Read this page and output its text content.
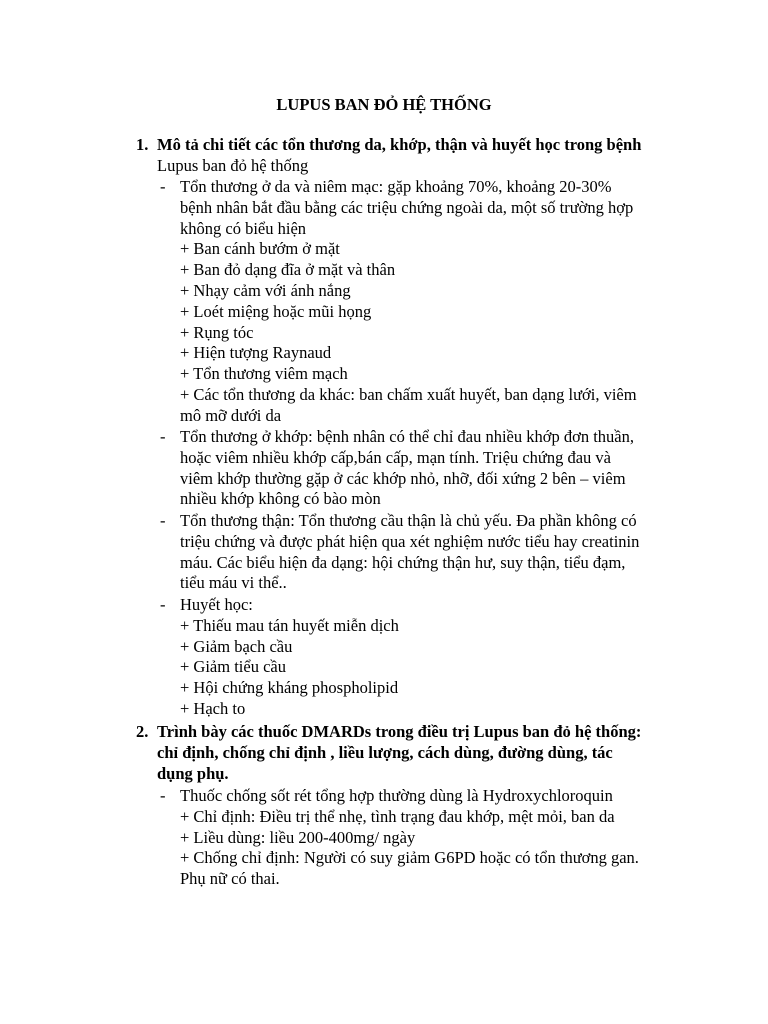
LUPUS BAN ĐỎ HỆ THỐNG
1. Mô tả chi tiết các tổn thương da, khớp, thận và huyết học trong bệnh
Lupus ban đỏ hệ thống
- Tổn thương ở da và niêm mạc: gặp khoảng 70%, khoảng 20-30%
bệnh nhân bắt đầu bằng các triệu chứng ngoài da, một số trường hợp
không có biểu hiện
+ Ban cánh bướm ở mặt
+ Ban đỏ dạng đĩa ở mặt và thân
+ Nhạy cảm với ánh nắng
+ Loét miệng hoặc mũi họng
+ Rụng tóc
+ Hiện tượng Raynaud
+ Tổn thương viêm mạch
+ Các tổn thương da khác: ban chấm xuất huyết, ban dạng lưới, viêm
mô mỡ dưới da
- Tổn thương ở khớp: bệnh nhân có thể chỉ đau nhiều khớp đơn thuần,
hoặc viêm nhiều khớp cấp,bán cấp, mạn tính. Triệu chứng đau và
viêm khớp thường gặp ở các khớp nhỏ, nhỡ, đối xứng 2 bên – viêm
nhiều khớp không có bào mòn
- Tổn thương thận: Tổn thương cầu thận là chủ yếu. Đa phần không có
triệu chứng và được phát hiện qua xét nghiệm nước tiểu hay creatinin
máu. Các biểu hiện đa dạng: hội chứng thận hư, suy thận, tiểu đạm,
tiểu máu vi thể..
- Huyết học:
+ Thiếu mau tán huyết miễn dịch
+ Giảm bạch cầu
+ Giảm tiểu cầu
+ Hội chứng kháng phospholipid
+ Hạch to
2. Trình bày các thuốc DMARDs trong điều trị Lupus ban đỏ hệ thống:
chỉ định, chống chỉ định , liều lượng, cách dùng, đường dùng, tác
dụng phụ.
- Thuốc chống sốt rét tổng hợp thường dùng là Hydroxychloroquin
+ Chỉ định: Điều trị thể nhẹ, tình trạng đau khớp, mệt mỏi, ban da
+ Liều dùng: liều 200-400mg/ ngày
+ Chống chỉ định: Người có suy giảm G6PD hoặc có tổn thương gan.
Phụ nữ có thai.
